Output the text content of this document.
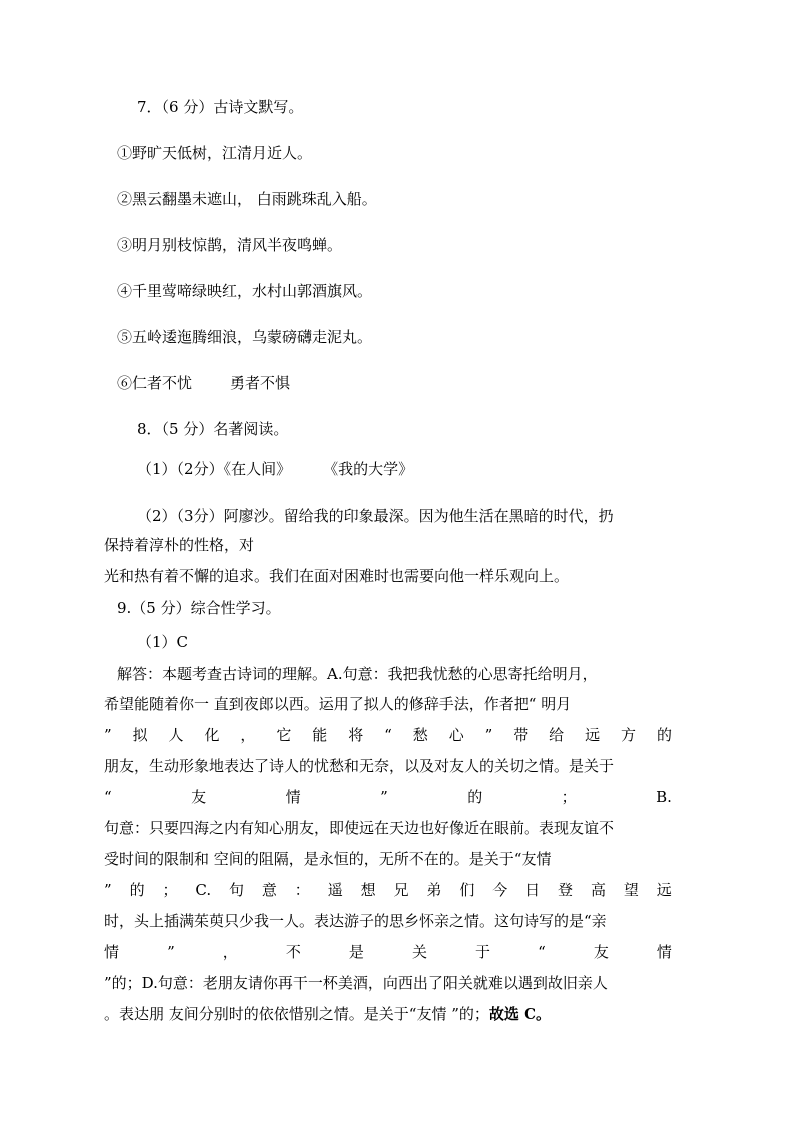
7．（6 分）古诗文默写。
①野旷天低树，江清月近人。
②黑云翻墨未遮山， 白雨跳珠乱入船。
③明月别枝惊鹊，清风半夜鸣蝉。
④千里莺啼绿映红，水村山郭酒旗风。
⑤五岭逶迤腾细浪，乌蒙磅礴走泥丸。
⑥仁者不忧	勇者不惧
8．（5 分）名著阅读。
（1）（2分）《在人间》 《我的大学》
（2）（3分）阿廖沙。留给我的印象最深。因为他生活在黑暗的时代，扔
保持着淳朴的性格，对
光和热有着不懈的追求。我们在面对困难时也需要向他一样乐观向上。
9.（5 分）综合性学习。
（1）C
解答：本题考查古诗词的理解。A.句意：我把我忧愁的心思寄托给明月，
希望能随着你一 直到夜郎以西。运用了拟人的修辞手法，作者把“ 明月
” 拟 人 化 ， 它 能 将 “ 愁 心 ” 带 给 远 方 的
朋友，生动形象地表达了诗人的忧愁和无奈，以及对友人的关切之情。是关于
“	友	情	”	的	；	B.
句意：只要四海之内有知心朋友，即使远在天边也好像近在眼前。表现友谊不
受时间的限制和 空间的阻隔，是永恒的，无所不在的。是关于“友情
” 的 ； C. 句 意 ： 遥 想 兄 弟 们 今 日 登 高 望 远
时，头上插满茱萸只少我一人。表达游子的思乡怀亲之情。这句诗写的是“亲
情	”	，	不	是	关	于	“	友	情
”的；D.句意：老朋友请你再干一杯美酒，向西出了阳关就难以遇到故旧亲人
。表达朋 友间分别时的依依惜别之情。是关于“友情 ”的；故选 C。
